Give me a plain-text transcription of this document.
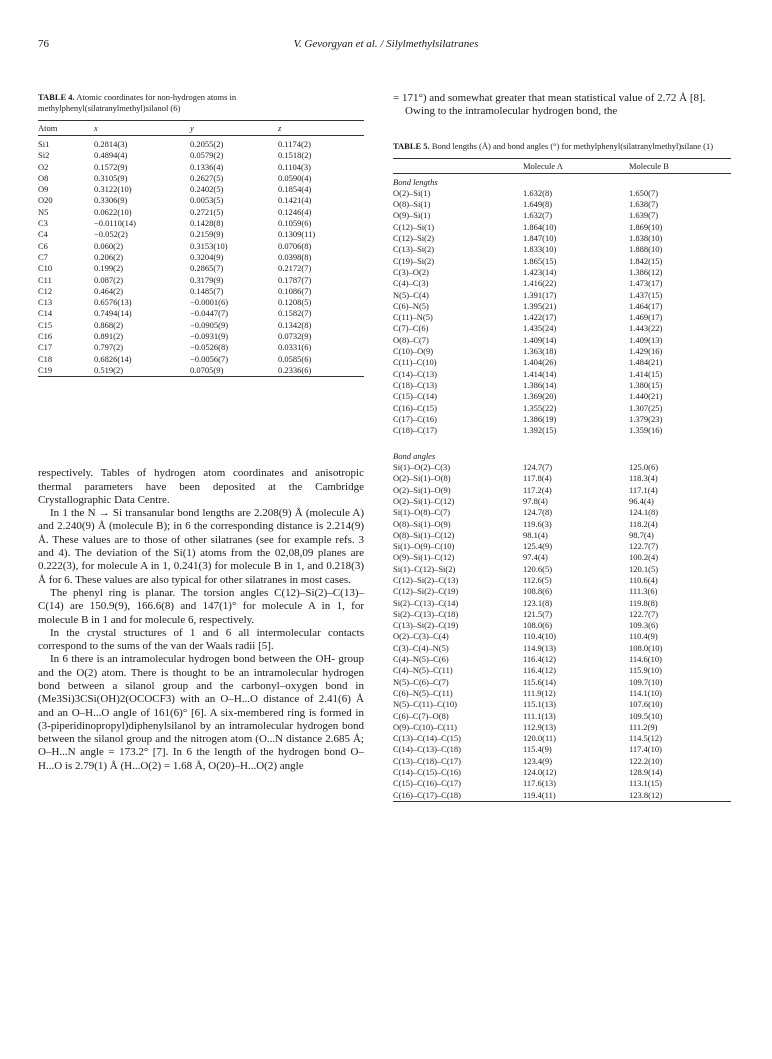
76	V. Gevorgyan et al. / Silylmethylsilatranes
TABLE 4. Atomic coordinates for non-hydrogen atoms in methylphenyl(silatranylmethyl)silanol (6)
Atom	x	y	z
Si1	0.2814(3)	0.2055(2)	0.1174(2)
Si2	0.4894(4)	0.0579(2)	0.1518(2)
O2	0.1572(9)	0.1336(4)	0.1104(3)
O8	0.3105(9)	0.2627(5)	0.0590(4)
O9	0.3122(10)	0.2402(5)	0.1854(4)
O20	0.3306(9)	0.0053(5)	0.1421(4)
N5	0.0622(10)	0.2721(5)	0.1246(4)
C3	−0.0110(14)	0.1428(8)	0.1059(6)
C4	−0.052(2)	0.2159(9)	0.1309(11)
C6	0.060(2)	0.3153(10)	0.0706(8)
C7	0.206(2)	0.3204(9)	0.0398(8)
C10	0.199(2)	0.2865(7)	0.2172(7)
C11	0.087(2)	0.3179(9)	0.1787(7)
C12	0.464(2)	0.1485(7)	0.1086(7)
C13	0.6576(13)	−0.0001(6)	0.1208(5)
C14	0.7494(14)	−0.0447(7)	0.1582(7)
C15	0.868(2)	−0.0905(9)	0.1342(8)
C16	0.891(2)	−0.0931(9)	0.0732(9)
C17	0.797(2)	−0.0526(8)	0.0331(6)
C18	0.6826(14)	−0.0056(7)	0.0585(6)
C19	0.519(2)	0.0705(9)	0.2336(6)

respectively. Tables of hydrogen atom coordinates and anisotropic thermal parameters have been deposited at the Cambridge Crystallographic Data Centre.

In 1 the N → Si transanular bond lengths are 2.208(9) Å (molecule A) and 2.240(9) Å (molecule B); in 6 the corresponding distance is 2.214(9) Å. These values are to those of other silatranes (see for example refs. 3 and 4). The deviation of the Si(1) atoms from the 02,08,09 planes are 0.222(3), for molecule A in 1, 0.241(3) for molecule B in 1, and 0.218(3) Å for 6. These values are also typical for other silatranes in most cases.

The phenyl ring is planar. The torsion angles C(12)–Si(2)–C(13)–C(14) are 150.9(9), 166.6(8) and 147(1)° for molecule A in 1, for molecule B in 1 and for molecule 6, respectively.

In the crystal structures of 1 and 6 all intermolecular contacts correspond to the sums of the van der Waals radii [5].

In 6 there is an intramolecular hydrogen bond between the OH- group and the O(2) atom. There is thought to be an intramolecular hydrogen bond between a silanol group and the carbonyl–oxygen bond in (Me3Si)3CSi(OH)2(OCOCF3) with an O–H...O distance of 2.41(6) Å and an O–H...O angle of 161(6)° [6]. A six-membered ring is formed in (3-piperidinopropyl)diphenylsilanol by an intramolecular hydrogen bond between the silanol group and the nitrogen atom (O...N distance 2.685 Å; O–H...N angle = 173.2° [7]. In 6 the length of the hydrogen bond O–H...O is 2.79(1) Å (H...O(2) = 1.68 Å, O(20)–H...O(2) angle

= 171°) and somewhat greater that mean statistical value of 2.72 Å [8].

Owing to the intramolecular hydrogen bond, the

TABLE 5. Bond lengths (Å) and bond angles (°) for methylphenyl(silatranylmethyl)silane (1)
	Molecule A	Molecule B
Bond lengths		
O(2)–Si(1)	1.632(8)	1.650(7)
O(8)–Si(1)	1.649(8)	1.638(7)
O(9)–Si(1)	1.632(7)	1.639(7)
C(12)–Si(1)	1.864(10)	1.869(10)
C(12)–Si(2)	1.847(10)	1.838(10)
C(13)–Si(2)	1.833(10)	1.888(10)
C(19)–Si(2)	1.865(15)	1.842(15)
C(3)–O(2)	1.423(14)	1.386(12)
C(4)–C(3)	1.416(22)	1.473(17)
N(5)–C(4)	1.391(17)	1.437(15)
C(6)–N(5)	1.395(21)	1.464(17)
C(11)–N(5)	1.422(17)	1.469(17)
C(7)–C(6)	1.435(24)	1.443(22)
O(8)–C(7)	1.409(14)	1.409(13)
C(10)–O(9)	1.363(18)	1.429(16)
C(11)–C(10)	1.404(26)	1.484(21)
C(14)–C(13)	1.414(14)	1.414(15)
C(18)–C(13)	1.386(14)	1.380(15)
C(15)–C(14)	1.369(20)	1.440(21)
C(16)–C(15)	1.355(22)	1.307(25)
C(17)–C(16)	1.386(19)	1.379(23)
C(18)–C(17)	1.392(15)	1.359(16)

Bond angles		
Si(1)–O(2)–C(3)	124.7(7)	125.0(6)
O(2)–Si(1)–O(8)	117.8(4)	118.3(4)
O(2)–Si(1)–O(9)	117.2(4)	117.1(4)
O(2)–Si(1)–C(12)	97.8(4)	96.4(4)
Si(1)–O(8)–C(7)	124.7(8)	124.1(8)
O(8)–Si(1)–O(9)	119.6(3)	118.2(4)
O(8)–Si(1)–C(12)	98.1(4)	98.7(4)
Si(1)–O(9)–C(10)	125.4(9)	122.7(7)
O(9)–Si(1)–C(12)	97.4(4)	100.2(4)
Si(1)–C(12)–Si(2)	120.6(5)	120.1(5)
C(12)–Si(2)–C(13)	112.6(5)	110.6(4)
C(12)–Si(2)–C(19)	108.8(6)	111.3(6)
Si(2)–C(13)–C(14)	123.1(8)	119.8(8)
Si(2)–C(13)–C(18)	121.5(7)	122.7(7)
C(13)–Si(2)–C(19)	108.0(6)	109.3(6)
O(2)–C(3)–C(4)	110.4(10)	110.4(9)
C(3)–C(4)–N(5)	114.9(13)	108.0(10)
C(4)–N(5)–C(6)	116.4(12)	114.6(10)
C(4)–N(5)–C(11)	116.4(12)	115.9(10)
N(5)–C(6)–C(7)	115.6(14)	109.7(10)
C(6)–N(5)–C(11)	111.9(12)	114.1(10)
N(5)–C(11)–C(10)	115.1(13)	107.6(10)
C(6)–C(7)–O(8)	111.1(13)	109.5(10)
O(9)–C(10)–C(11)	112.9(13)	111.2(9)
C(13)–C(14)–C(15)	120.0(11)	114.5(12)
C(14)–C(13)–C(18)	115.4(9)	117.4(10)
C(13)–C(18)–C(17)	123.4(9)	122.2(10)
C(14)–C(15)–C(16)	124.0(12)	128.9(14)
C(15)–C(16)–C(17)	117.6(13)	113.1(15)
C(16)–C(17)–C(18)	119.4(11)	123.8(12)
